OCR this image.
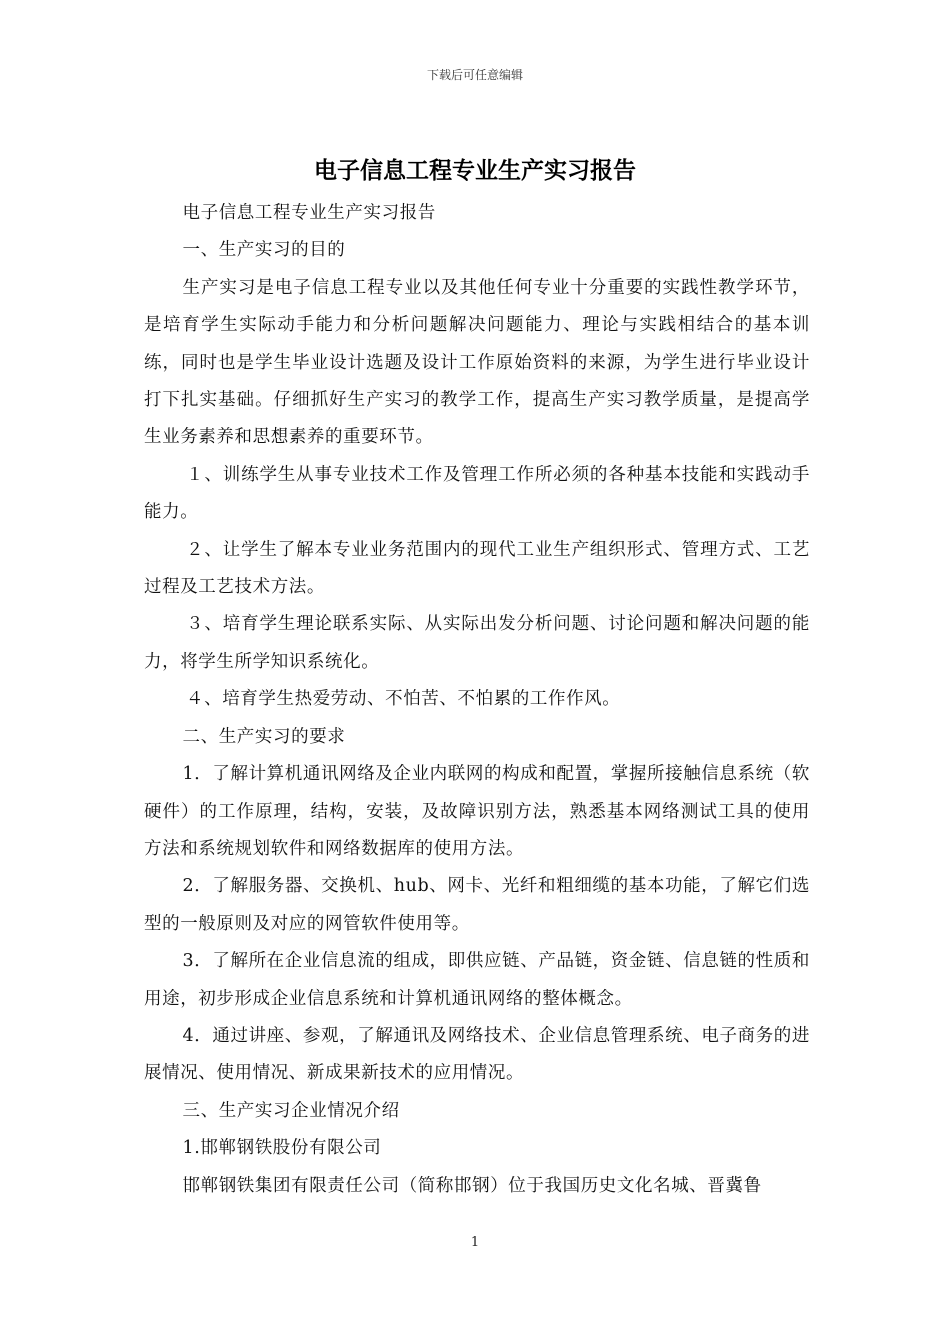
下载后可任意编辑
电子信息工程专业生产实习报告

电子信息工程专业生产实习报告

一、生产实习的目的

生产实习是电子信息工程专业以及其他任何专业十分重要的实践性教学环节，是培育学生实际动手能力和分析问题解决问题能力、理论与实践相结合的基本训练，同时也是学生毕业设计选题及设计工作原始资料的来源，为学生进行毕业设计打下扎实基础。仔细抓好生产实习的教学工作，提高生产实习教学质量，是提高学生业务素养和思想素养的重要环节。

１、训练学生从事专业技术工作及管理工作所必须的各种基本技能和实践动手能力。

２、让学生了解本专业业务范围内的现代工业生产组织形式、管理方式、工艺过程及工艺技术方法。

３、培育学生理论联系实际、从实际出发分析问题、讨论问题和解决问题的能力，将学生所学知识系统化。

４、培育学生热爱劳动、不怕苦、不怕累的工作作风。

二、生产实习的要求

1．了解计算机通讯网络及企业内联网的构成和配置，掌握所接触信息系统（软硬件）的工作原理，结构，安装，及故障识别方法，熟悉基本网络测试工具的使用方法和系统规划软件和网络数据库的使用方法。

2．了解服务器、交换机、hub、网卡、光纤和粗细缆的基本功能，了解它们选型的一般原则及对应的网管软件使用等。

3．了解所在企业信息流的组成，即供应链、产品链，资金链、信息链的性质和用途，初步形成企业信息系统和计算机通讯网络的整体概念。

4．通过讲座、参观，了解通讯及网络技术、企业信息管理系统、电子商务的进展情况、使用情况、新成果新技术的应用情况。

三、生产实习企业情况介绍

1.邯郸钢铁股份有限公司

邯郸钢铁集团有限责任公司（简称邯钢）位于我国历史文化名城、晋冀鲁

1
